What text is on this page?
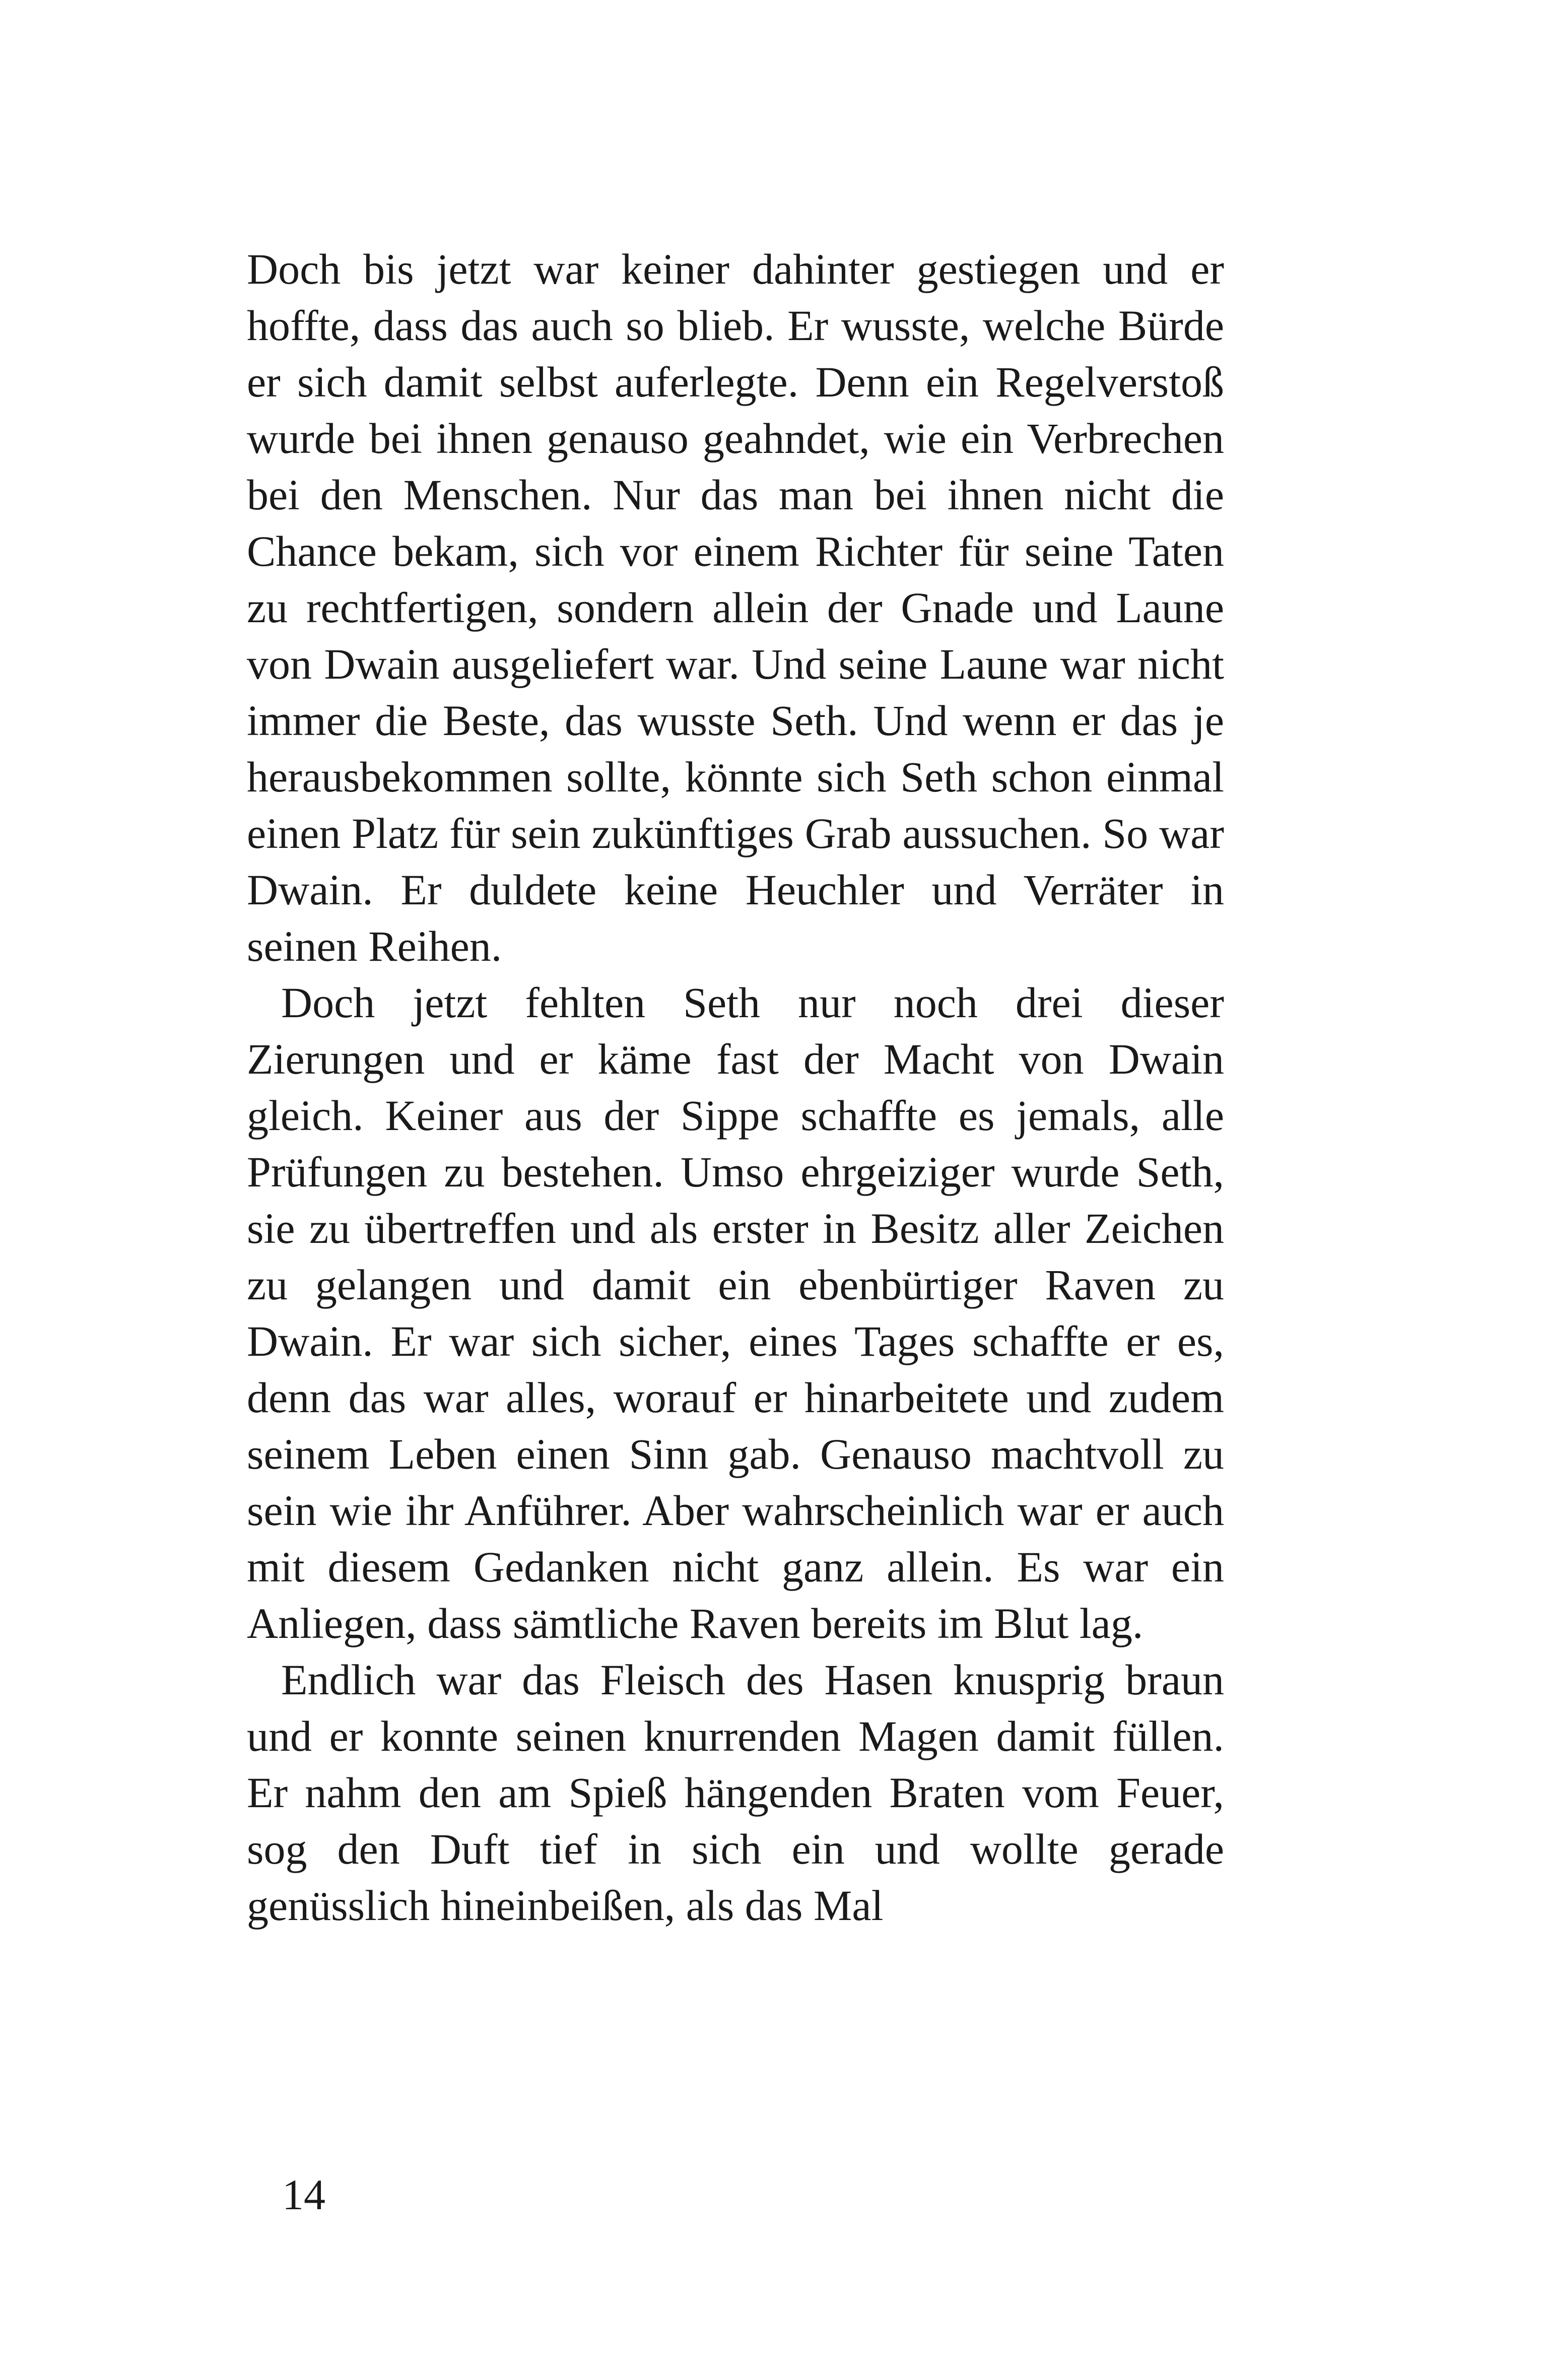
Doch bis jetzt war keiner dahinter gestiegen und er hoffte, dass das auch so blieb. Er wusste, welche Bürde er sich damit selbst auferlegte. Denn ein Regelverstoß wurde bei ihnen genauso geahndet, wie ein Verbrechen bei den Menschen. Nur das man bei ihnen nicht die Chance bekam, sich vor einem Richter für seine Taten zu rechtfertigen, sondern allein der Gnade und Laune von Dwain ausgeliefert war. Und seine Laune war nicht immer die Beste, das wusste Seth. Und wenn er das je herausbekommen sollte, könnte sich Seth schon einmal einen Platz für sein zukünftiges Grab aussuchen. So war Dwain. Er duldete keine Heuchler und Verräter in seinen Reihen.

Doch jetzt fehlten Seth nur noch drei dieser Zierungen und er käme fast der Macht von Dwain gleich. Keiner aus der Sippe schaffte es jemals, alle Prüfungen zu bestehen. Umso ehrgeiziger wurde Seth, sie zu übertreffen und als erster in Besitz aller Zeichen zu gelangen und damit ein ebenbürtiger Raven zu Dwain. Er war sich sicher, eines Tages schaffte er es, denn das war alles, worauf er hinarbeitete und zudem seinem Leben einen Sinn gab. Genauso machtvoll zu sein wie ihr Anführer. Aber wahrscheinlich war er auch mit diesem Gedanken nicht ganz allein. Es war ein Anliegen, dass sämtliche Raven bereits im Blut lag.

Endlich war das Fleisch des Hasen knusprig braun und er konnte seinen knurrenden Magen damit füllen. Er nahm den am Spieß hängenden Braten vom Feuer, sog den Duft tief in sich ein und wollte gerade genüsslich hineinbeißen, als das Mal

14
